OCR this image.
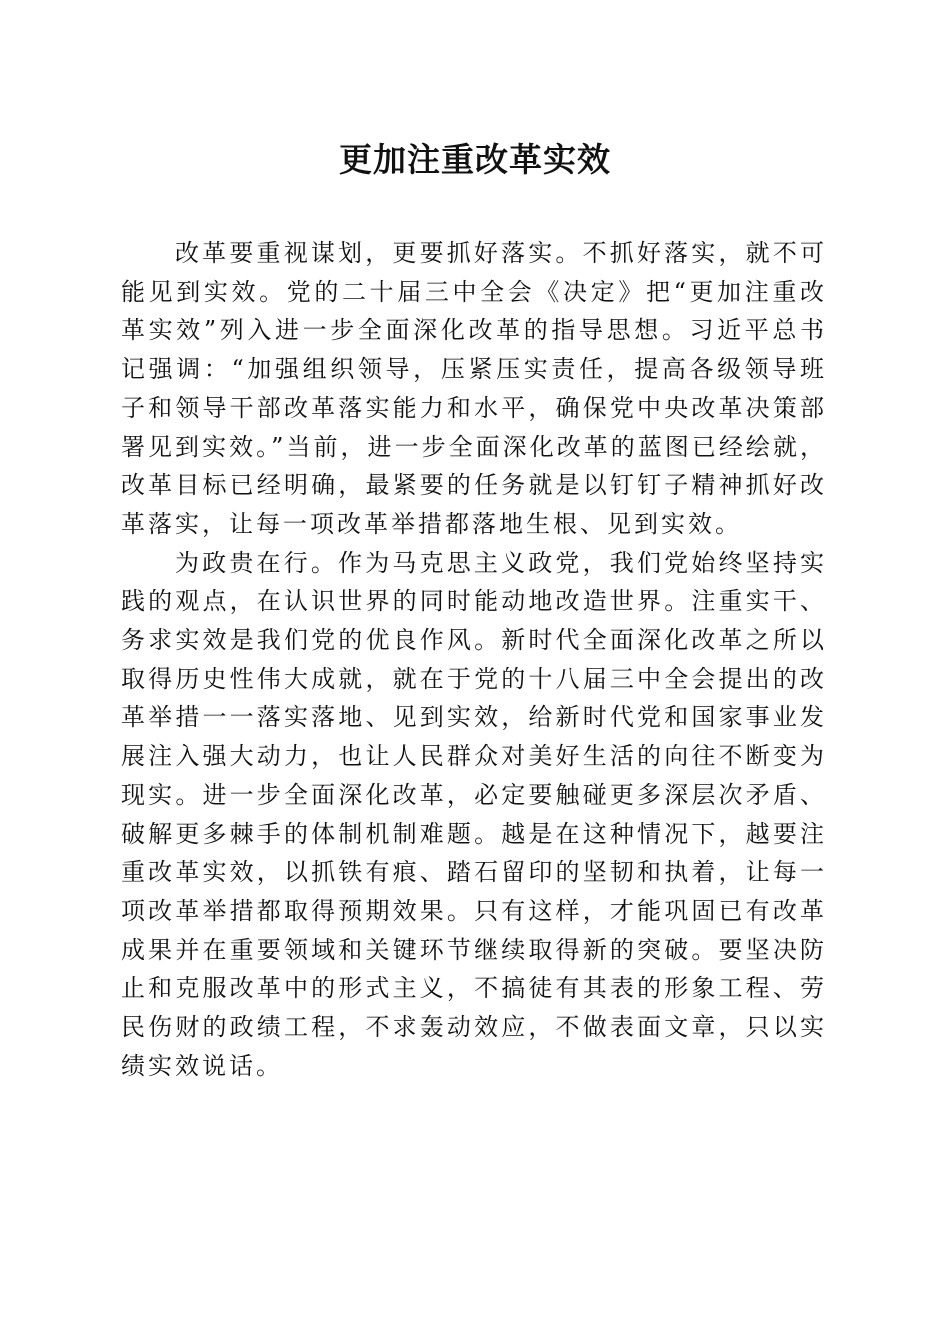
更加注重改革实效

改革要重视谋划，更要抓好落实。不抓好落实，就不可能见到实效。党的二十届三中全会《决定》把“更加注重改革实效”列入进一步全面深化改革的指导思想。习近平总书记强调：“加强组织领导，压紧压实责任，提高各级领导班子和领导干部改革落实能力和水平，确保党中央改革决策部署见到实效。”当前，进一步全面深化改革的蓝图已经绘就，改革目标已经明确，最紧要的任务就是以钉钉子精神抓好改革落实，让每一项改革举措都落地生根、见到实效。

为政贵在行。作为马克思主义政党，我们党始终坚持实践的观点，在认识世界的同时能动地改造世界。注重实干、务求实效是我们党的优良作风。新时代全面深化改革之所以取得历史性伟大成就，就在于党的十八届三中全会提出的改革举措一一落实落地、见到实效，给新时代党和国家事业发展注入强大动力，也让人民群众对美好生活的向往不断变为现实。进一步全面深化改革，必定要触碰更多深层次矛盾、破解更多棘手的体制机制难题。越是在这种情况下，越要注重改革实效，以抓铁有痕、踏石留印的坚韧和执着，让每一项改革举措都取得预期效果。只有这样，才能巩固已有改革成果并在重要领域和关键环节继续取得新的突破。要坚决防止和克服改革中的形式主义，不搞徒有其表的形象工程、劳民伤财的政绩工程，不求轰动效应，不做表面文章，只以实绩实效说话。
